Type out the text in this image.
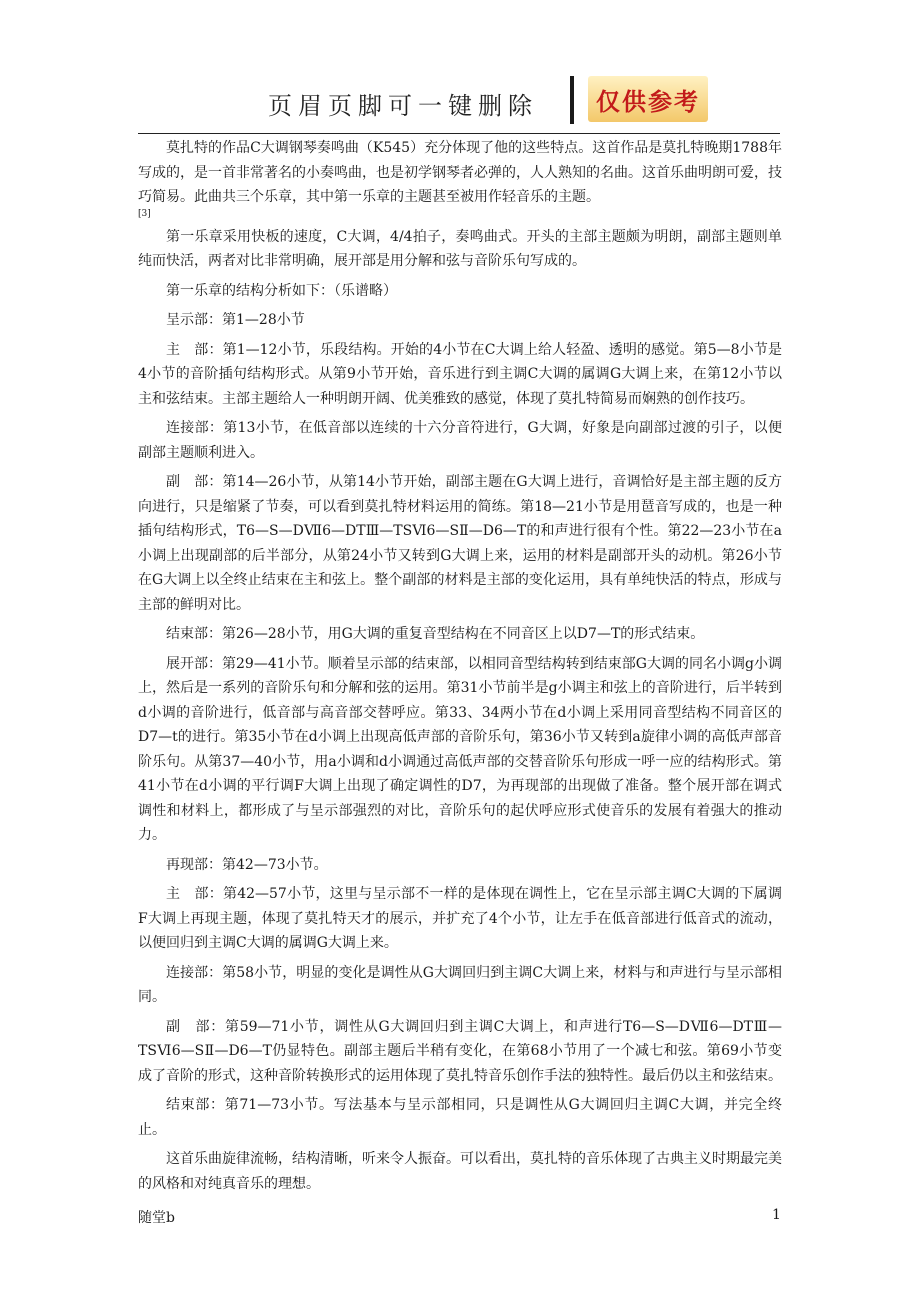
页眉页脚可一键删除	仅供参考

莫扎特的作品C大调钢琴奏鸣曲（K545）充分体现了他的这些特点。这首作品是莫扎特晚期1788年写成的，是一首非常著名的小奏鸣曲，也是初学钢琴者必弹的，人人熟知的名曲。这首乐曲明朗可爱，技巧简易。此曲共三个乐章，其中第一乐章的主题甚至被用作轻音乐的主题。
[3]

第一乐章采用快板的速度，C大调，4/4拍子，奏鸣曲式。开头的主部主题颇为明朗，副部主题则单纯而快活，两者对比非常明确，展开部是用分解和弦与音阶乐句写成的。

第一乐章的结构分析如下：（乐谱略）

呈示部：第1—28小节

主　部：第1—12小节，乐段结构。开始的4小节在C大调上给人轻盈、透明的感觉。第5—8小节是4小节的音阶插句结构形式。从第9小节开始，音乐进行到主调C大调的属调G大调上来，在第12小节以主和弦结束。主部主题给人一种明朗开阔、优美雅致的感觉，体现了莫扎特简易而娴熟的创作技巧。

连接部：第13小节，在低音部以连续的十六分音符进行，G大调，好象是向副部过渡的引子，以便副部主题顺利进入。

副　部：第14—26小节，从第14小节开始，副部主题在G大调上进行，音调恰好是主部主题的反方向进行，只是缩紧了节奏，可以看到莫扎特材料运用的简练。第18—21小节是用琶音写成的，也是一种插句结构形式，T6—S—DⅦ6—DTⅢ—TSⅥ6—SⅡ—D6—T的和声进行很有个性。第22—23小节在a小调上出现副部的后半部分，从第24小节又转到G大调上来，运用的材料是副部开头的动机。第26小节在G大调上以全终止结束在主和弦上。整个副部的材料是主部的变化运用，具有单纯快活的特点，形成与主部的鲜明对比。

结束部：第26—28小节，用G大调的重复音型结构在不同音区上以D7—T的形式结束。

展开部：第29—41小节。顺着呈示部的结束部，以相同音型结构转到结束部G大调的同名小调g小调上，然后是一系列的音阶乐句和分解和弦的运用。第31小节前半是g小调主和弦上的音阶进行，后半转到d小调的音阶进行，低音部与高音部交替呼应。第33、34两小节在d小调上采用同音型结构不同音区的D7—t的进行。第35小节在d小调上出现高低声部的音阶乐句，第36小节又转到a旋律小调的高低声部音阶乐句。从第37—40小节，用a小调和d小调通过高低声部的交替音阶乐句形成一呼一应的结构形式。第41小节在d小调的平行调F大调上出现了确定调性的D7，为再现部的出现做了准备。整个展开部在调式调性和材料上，都形成了与呈示部强烈的对比，音阶乐句的起伏呼应形式使音乐的发展有着强大的推动力。

再现部：第42—73小节。

主　部：第42—57小节，这里与呈示部不一样的是体现在调性上，它在呈示部主调C大调的下属调F大调上再现主题，体现了莫扎特天才的展示，并扩充了4个小节，让左手在低音部进行低音式的流动，以便回归到主调C大调的属调G大调上来。

连接部：第58小节，明显的变化是调性从G大调回归到主调C大调上来，材料与和声进行与呈示部相同。

副　部：第59—71小节，调性从G大调回归到主调C大调上，和声进行T6—S—DⅦ6—DTⅢ—TSⅥ6—SⅡ—D6—T仍显特色。副部主题后半稍有变化，在第68小节用了一个减七和弦。第69小节变成了音阶的形式，这种音阶转换形式的运用体现了莫扎特音乐创作手法的独特性。最后仍以主和弦结束。

结束部：第71—73小节。写法基本与呈示部相同，只是调性从G大调回归主调C大调，并完全终止。

这首乐曲旋律流畅，结构清晰，听来令人振奋。可以看出，莫扎特的音乐体现了古典主义时期最完美的风格和对纯真音乐的理想。

随堂b	1
